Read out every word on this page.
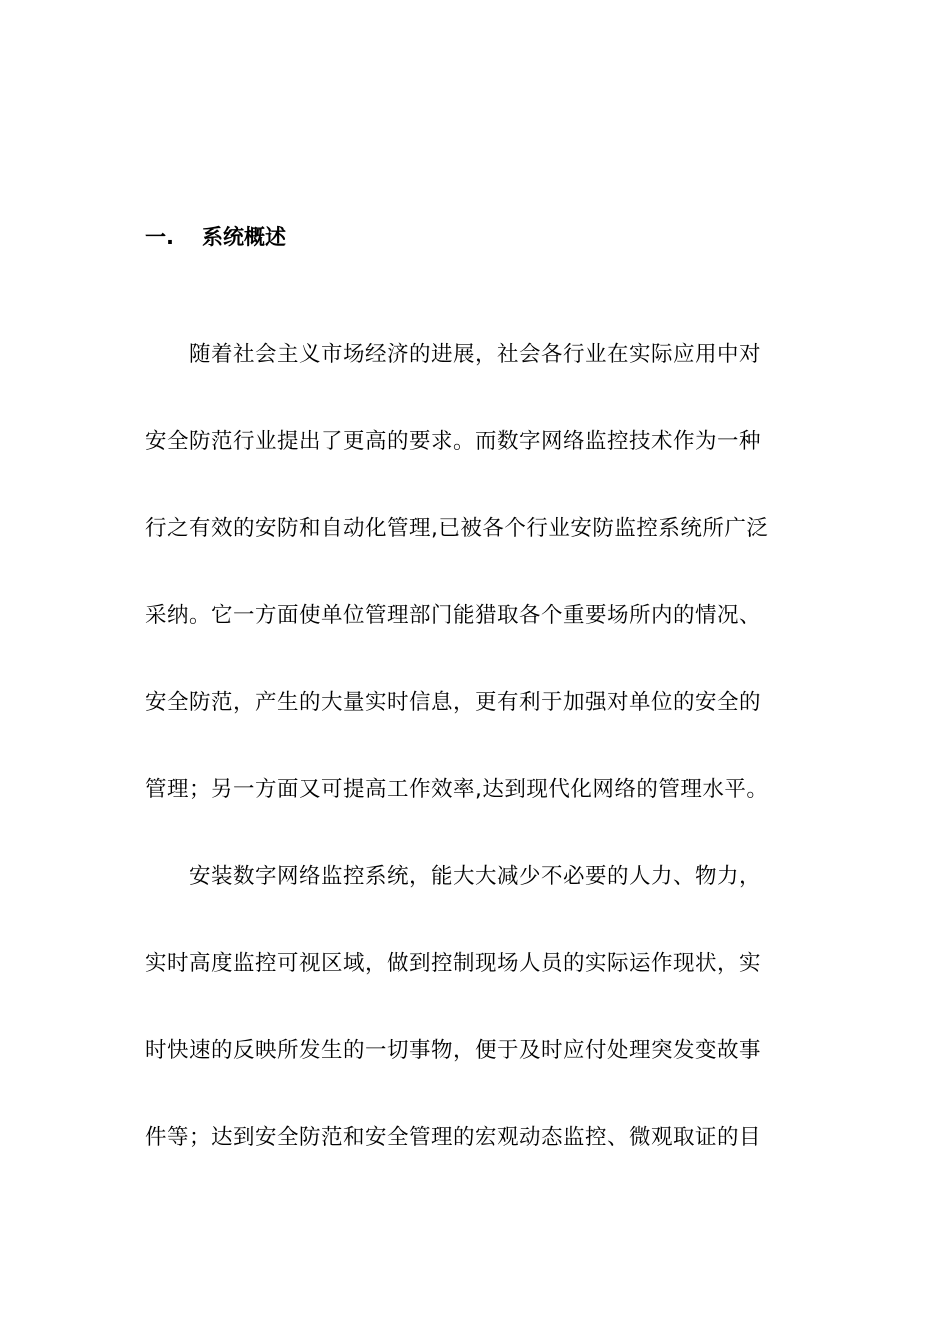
一.	系统概述
随着社会主义市场经济的进展，社会各行业在实际应用中对
安全防范行业提出了更高的要求。而数字网络监控技术作为一种
行之有效的安防和自动化管理,已被各个行业安防监控系统所广泛
采纳。它一方面使单位管理部门能猎取各个重要场所内的情况、
安全防范，产生的大量实时信息，更有利于加强对单位的安全的
管理；另一方面又可提高工作效率,达到现代化网络的管理水平。
安装数字网络监控系统，能大大减少不必要的人力、物力，
实时高度监控可视区域，做到控制现场人员的实际运作现状，实
时快速的反映所发生的一切事物，便于及时应付处理突发变故事
件等；达到安全防范和安全管理的宏观动态监控、微观取证的目
